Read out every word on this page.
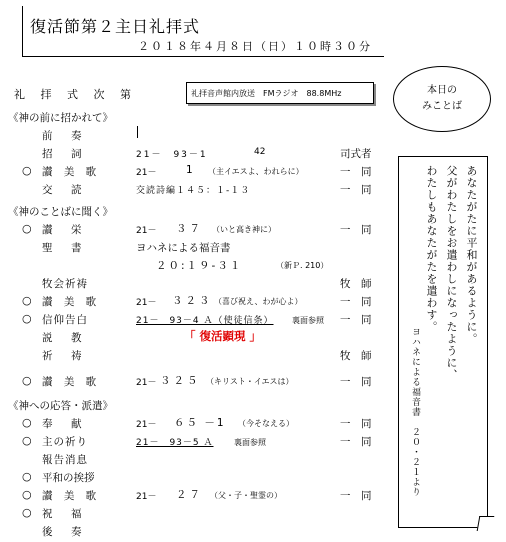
復活節第２主日礼拝式
２０１８年４月８日（日）１０時３０分
礼 拝 式 次 第	礼拝音声館内放送　FMラジオ　88.8MHz	本日の
みことば
あなたがたに平和があるように。
父がわたしをお遣わしになったように、
わたしもあなたがたを遣わす。
ヨハネによる福音書　２０・２１より
《神の前に招かれて》
前　奏
招　詞	21－　93－1	42	司式者
○ 讃 美 歌	21－	1 （主イエスよ、われらに）	一　同
交　読	交読詩編１４５：１-１３	一　同
《神のことばに聞く》
○ 讃　栄	21－ ３７ （いと高き神に）	一　同
聖　書	ヨハネによる福音書
２０:１９-３１	（新Ｐ. 210）
牧会祈祷	牧　師
○ 讃 美 歌	21－ ３２３ （喜び祝え、わが心よ）	一　同
○ 信仰告白	21－　93－4 Ａ（使徒信条） 裏面参照 一　同
説　教	「 復活顕現 」
祈　祷	牧　師
○ 讃 美 歌	21－ ３２５ （キリスト・イエスは）	一　同
《神への応答・派遣》
○ 奉　献	21－ ６５ －1 （今そなえる）	一　同
○ 主の祈り	21－　93－5 Ａ	裏面参照	一　同
報告消息
○ 平和の挨拶
○ 讃 美 歌	21－ ２７ （父・子・聖霊の）	一　同
○ 祝　福
後　奏
